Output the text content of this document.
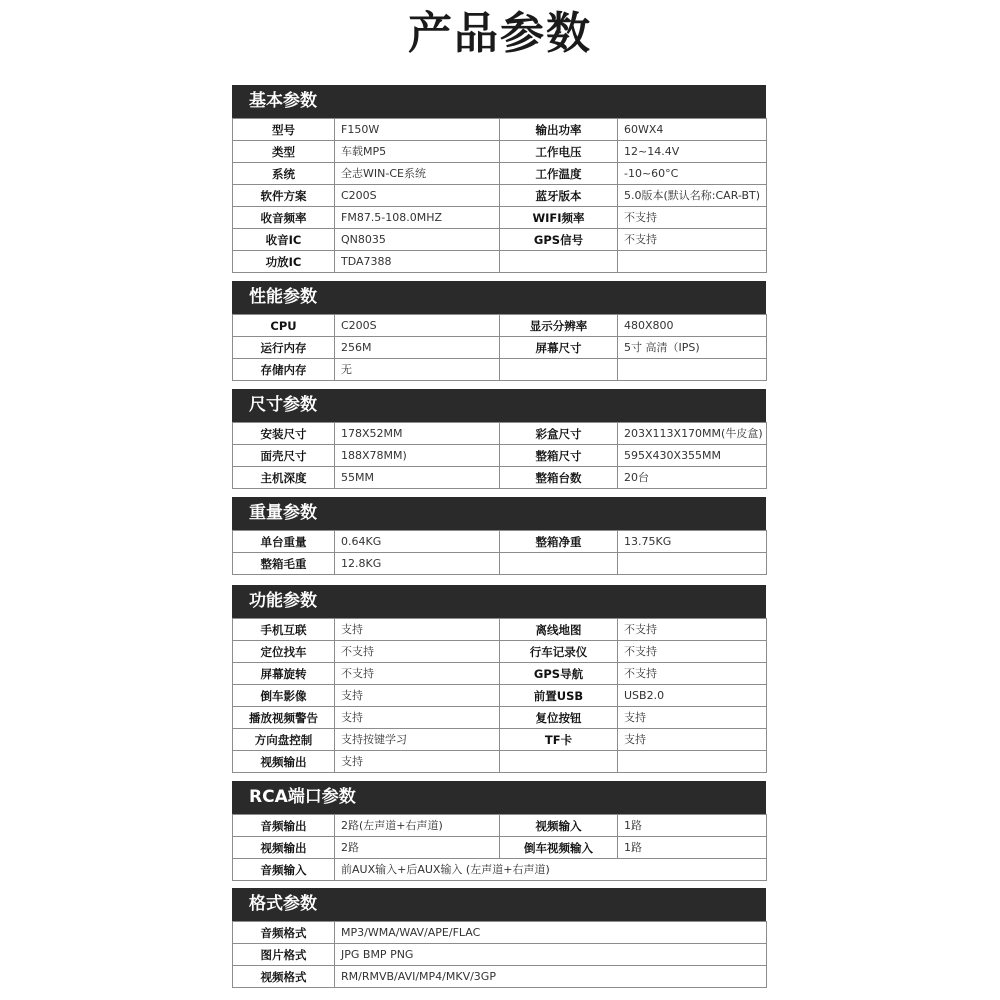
产品参数
基本参数
型号	F150W	输出功率	60WX4
类型	车载MP5	工作电压	12~14.4V
系统	全志WIN-CE系统	工作温度	-10~60°C
软件方案	C200S	蓝牙版本	5.0版本(默认名称:CAR-BT)
收音频率	FM87.5-108.0MHZ	WIFI频率	不支持
收音IC	QN8035	GPS信号	不支持
功放IC	TDA7388		
性能参数
CPU	C200S	显示分辨率	480X800
运行内存	256M	屏幕尺寸	5寸 高清（IPS)
存储内存	无		
尺寸参数
安装尺寸	178X52MM	彩盒尺寸	203X113X170MM(牛皮盒)
面壳尺寸	188X78MM)	整箱尺寸	595X430X355MM
主机深度	55MM	整箱台数	20台
重量参数
单台重量	0.64KG	整箱净重	13.75KG
整箱毛重	12.8KG		
功能参数
手机互联	支持	离线地图	不支持
定位找车	不支持	行车记录仪	不支持
屏幕旋转	不支持	GPS导航	不支持
倒车影像	支持	前置USB	USB2.0
播放视频警告	支持	复位按钮	支持
方向盘控制	支持按键学习	TF卡	支持
视频输出	支持		
RCA端口参数
音频输出	2路(左声道+右声道)	视频输入	1路
视频输出	2路	倒车视频输入	1路
音频输入	前AUX输入+后AUX输入 (左声道+右声道)		
格式参数
音频格式	MP3/WMA/WAV/APE/FLAC
图片格式	JPG BMP PNG
视频格式	RM/RMVB/AVI/MP4/MKV/3GP
